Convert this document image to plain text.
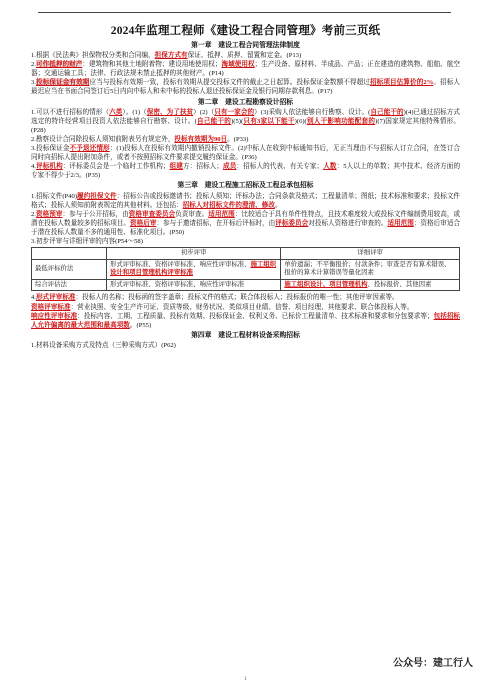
2024年监理工程师《建设工程合同管理》考前三页纸
第一章　建设工程合同管理法律制度

1.根据《民法典》担保物权分类和合同编，担保方式有保证、抵押、质押、留置和定金。(P13)

2.可作抵押的财产：建筑物和其他土地附着物；建设用地使用权；海域使用权；生产设备、原材料、半成品、产品；正在建造的建筑物、船舶、航空器；交通运输工具；法律、行政法规未禁止抵押的其他财产。(P14)

3.投标保证金有效期应当与投标有效期一致，投标有效期从提交投标文件的截止之日起算。投标保证金数额不得超过招标项目估算价的2%。招标人最迟应当在书面合同签订后5日内向中标人和未中标的投标人退还投标保证金及银行同期存款利息。(P17)

第二章　建设工程勘察设计招标

1.可以不进行招标的情形（六类）。(1)（保密、为了扶贫）(2)（只有一家会的）(3)采购人依法能够自行勘察、设计。(自己能干的)(4)已通过招标方式选定的特许经营项目投资人依法能够自行勘察、设计。(自己能干的)(5)(只有3家以下能干)(6)(别人干影响功能配套的)(7)国家规定其他特殊情形。(P28)

2.勘察设计合同除投标人须知前附表另有规定外，投标有效期为90日。(P33)

3.投标保证金不予退还情形：(1)投标人在投标有效期内撤销投标文件。(2)中标人在收到中标通知书后，无正当理由不与招标人订立合同，在签订合同时向招标人提出附加条件，或者不按照招标文件要求提交履约保证金。(P36)

4.评标机构：评标委员会是一个临时工作机构；组建方：招标人；成员：招标人的代表、有关专家；人数：5人以上的单数；其中技术、经济方面的专家不得少于2/3。(P35)

第三章　建设工程施工招标及工程总承包招标

1.招标文件(P40)履约担保文件：招标公告或投标邀请书；投标人须知；评标办法；合同条款及格式；工程量清单；图纸；技术标准和要求；投标文件格式；投标人须知前附表规定的其他材料。还包括：招标人对招标文件的澄清、修改。

2.资格预审：参与于公开招标，由资格审查委员会负责审查。适用范围：比较适合于具有单件性特点，且技术难度较大或投标文件编制费用较高，或潜在投标人数量较多的招标项目。资格后审：参与于邀请招标，在开标后评标时，由评标委员会对投标人资格进行审查的。适用范围：资格后审适合于潜在投标人数量不多的通用性、标准化项目。(P50)

3.初步评审与详细评审的内容(P54～58)

	初步评审	详细评审
最低评标价法	形式评审标准、资格评审标准、响应性评审标准、施工组织设计和项目管理机构评审标准	单价遗漏；不平衡报价；付款条件；审查是否有算术错误、报价的算术计算错误等量化因素
综合评估法	形式评审标准、资格评审标准、响应性评审标准	施工组织设计、项目管理机构、投标报价、其他因素

4.形式评审标准：投标人的名称；投标函的签字盖章；投标文件的格式；联合体投标人；投标报价的唯一性；其他评审因素等。

资格评审标准：营业执照、安全生产许可证、资质等级、财务状况、类似项目业绩、信誉、项目经理、其他要求、联合体投标人等。

响应性评审标准：投标内容、工期、工程质量、投标有效期、投标保证金、权利义务、已标价工程量清单、技术标准和要求和分包要求等；包括招标人允许偏离的最大范围和最高项数。(P55)

第四章　建设工程材料设备采购招标

1.材料设备采购方式及特点（三种采购方式）(P62)

公众号：建工行人
1
